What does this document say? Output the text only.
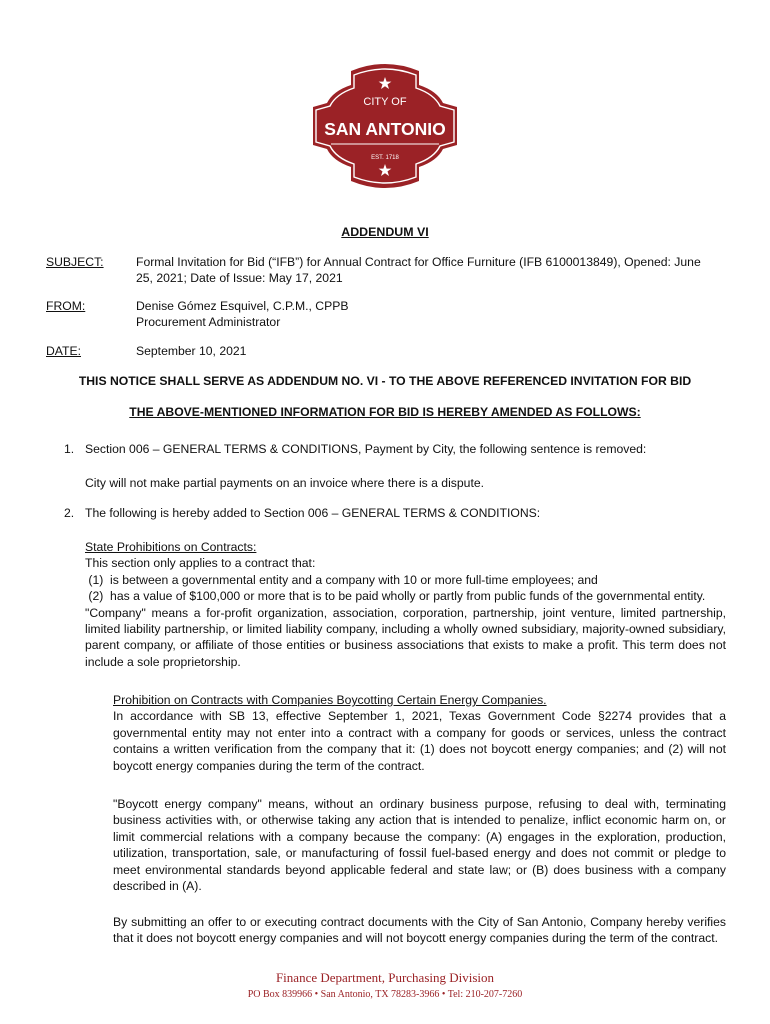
CITY OF
SAN ANTONIO
EST. 1718
ADDENDUM VI
SUBJECT:	Formal Invitation for Bid (“IFB”) for Annual Contract for Office Furniture (IFB 6100013849), Opened: June
25, 2021; Date of Issue: May 17, 2021
FROM:	Denise Gómez Esquivel, C.P.M., CPPB
Procurement Administrator
DATE:	September 10, 2021
THIS NOTICE SHALL SERVE AS ADDENDUM NO. VI - TO THE ABOVE REFERENCED INVITATION FOR BID
THE ABOVE-MENTIONED INFORMATION FOR BID IS HEREBY AMENDED AS FOLLOWS:
1. Section 006 – GENERAL TERMS & CONDITIONS, Payment by City, the following sentence is removed:
City will not make partial payments on an invoice where there is a dispute.
2. The following is hereby added to Section 006 – GENERAL TERMS & CONDITIONS:
State Prohibitions on Contracts:
This section only applies to a contract that:
(1)  is between a governmental entity and a company with 10 or more full-time employees; and
(2)  has a value of $100,000 or more that is to be paid wholly or partly from public funds of the governmental entity.
"Company" means a for-profit organization, association, corporation, partnership, joint venture, limited partnership, limited liability partnership, or limited liability company, including a wholly owned subsidiary, majority-owned subsidiary, parent company, or affiliate of those entities or business associations that exists to make a profit. This term does not include a sole proprietorship.
Prohibition on Contracts with Companies Boycotting Certain Energy Companies.
In accordance with SB 13, effective September 1, 2021, Texas Government Code §2274 provides that a governmental entity may not enter into a contract with a company for goods or services, unless the contract contains a written verification from the company that it: (1) does not boycott energy companies; and (2) will not boycott energy companies during the term of the contract.
"Boycott energy company" means, without an ordinary business purpose, refusing to deal with, terminating business activities with, or otherwise taking any action that is intended to penalize, inflict economic harm on, or limit commercial relations with a company because the company: (A) engages in the exploration, production, utilization, transportation, sale, or manufacturing of fossil fuel-based energy and does not commit or pledge to meet environmental standards beyond applicable federal and state law; or (B) does business with a company described in (A).
By submitting an offer to or executing contract documents with the City of San Antonio, Company hereby verifies that it does not boycott energy companies and will not boycott energy companies during the term of the contract.
Finance Department, Purchasing Division
PO Box 839966 • San Antonio, TX 78283-3966 • Tel: 210-207-7260
